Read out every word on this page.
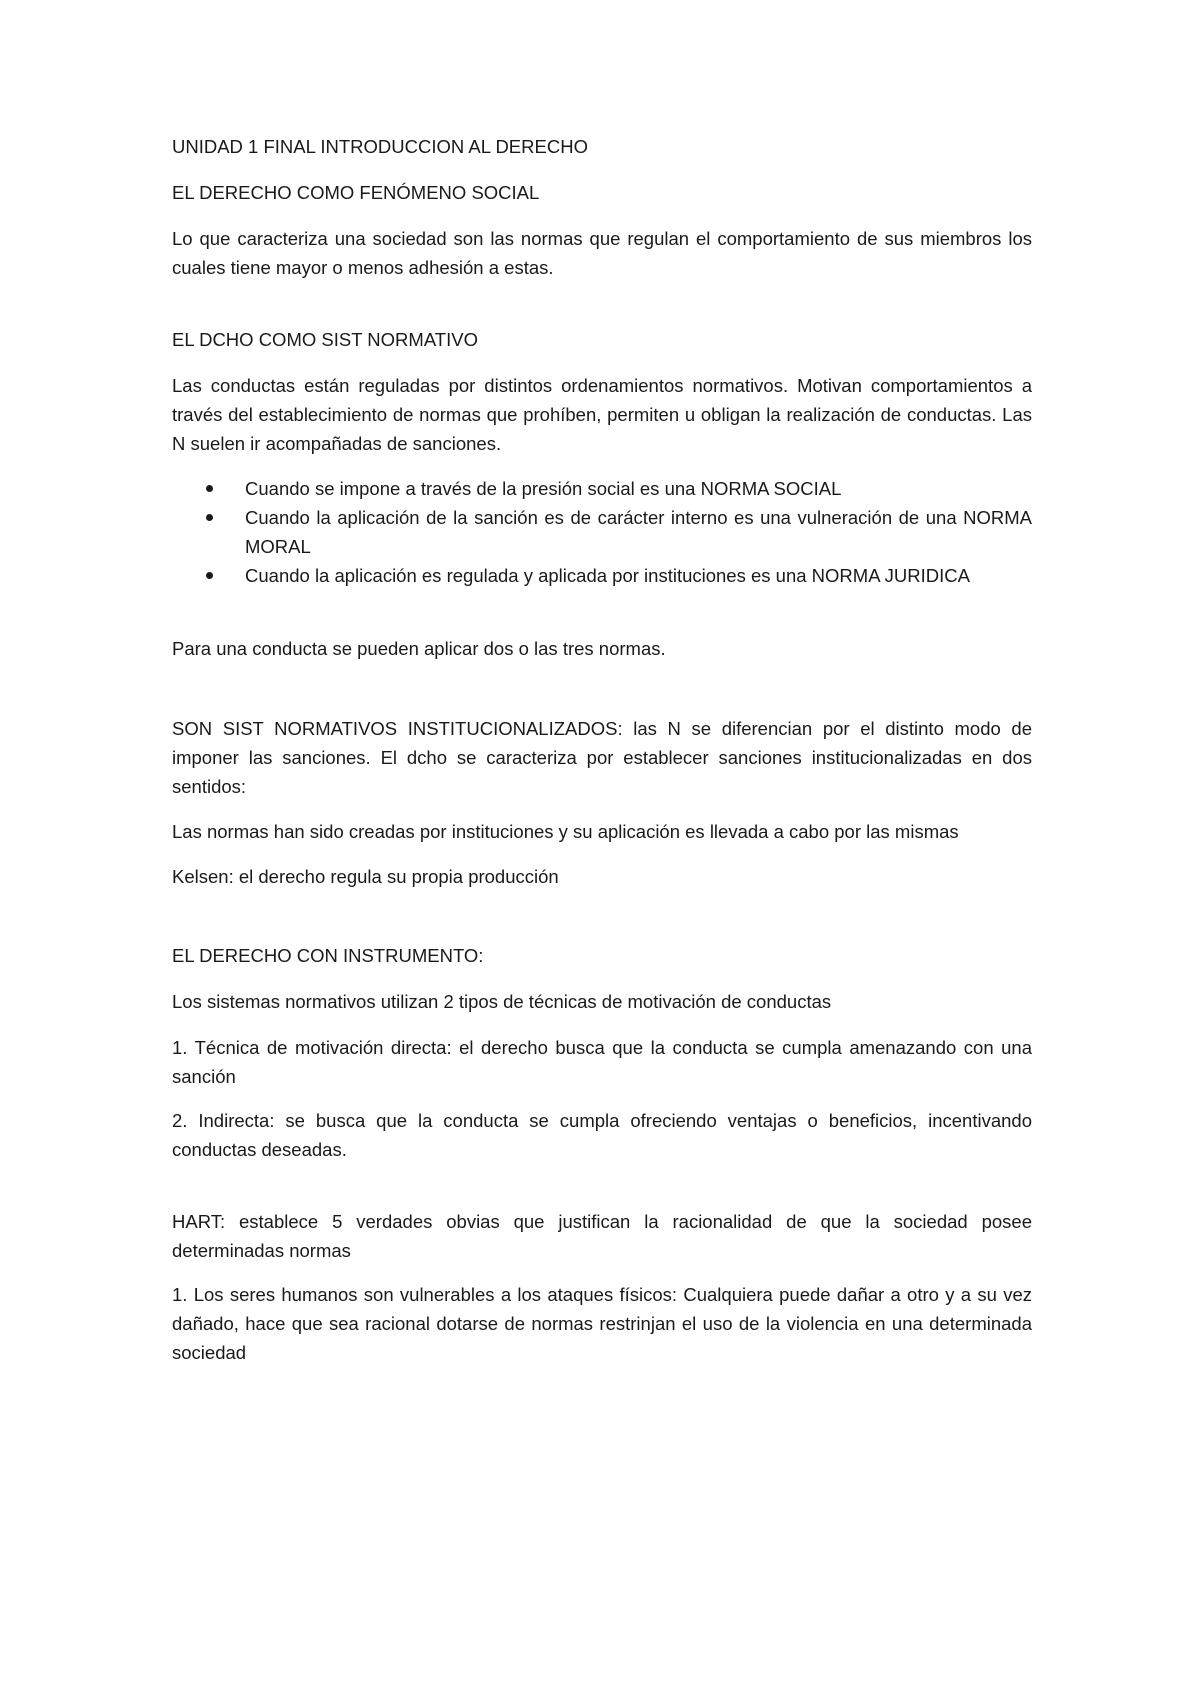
UNIDAD 1 FINAL INTRODUCCION AL DERECHO

EL DERECHO COMO FENÓMENO SOCIAL

Lo que caracteriza una sociedad son las normas que regulan el comportamiento de sus miembros los cuales tiene mayor o menos adhesión a estas.

EL DCHO COMO SIST NORMATIVO

Las conductas están reguladas por distintos ordenamientos normativos. Motivan comportamientos a través del establecimiento de normas que prohíben, permiten u obligan la realización de conductas. Las N suelen ir acompañadas de sanciones.

Cuando se impone a través de la presión social es una NORMA SOCIAL
Cuando la aplicación de la sanción es de carácter interno es una vulneración de una NORMA MORAL
Cuando la aplicación es regulada y aplicada por instituciones es una NORMA JURIDICA

Para una conducta se pueden aplicar dos o las tres normas.

SON SIST NORMATIVOS INSTITUCIONALIZADOS: las N se diferencian por el distinto modo de imponer las sanciones. El dcho se caracteriza por establecer sanciones institucionalizadas en dos sentidos:

Las normas han sido creadas por instituciones y su aplicación es llevada a cabo por las mismas

Kelsen: el derecho regula su propia producción

EL DERECHO CON INSTRUMENTO:

Los sistemas normativos utilizan 2 tipos de técnicas de motivación de conductas

1. Técnica de motivación directa: el derecho busca que la conducta se cumpla amenazando con una sanción

2. Indirecta: se busca que la conducta se cumpla ofreciendo ventajas o beneficios, incentivando conductas deseadas.

HART: establece 5 verdades obvias que justifican la racionalidad de que la sociedad posee determinadas normas

1. Los seres humanos son vulnerables a los ataques físicos: Cualquiera puede dañar a otro y a su vez dañado, hace que sea racional dotarse de normas restrinjan el uso de la violencia en una determinada sociedad
